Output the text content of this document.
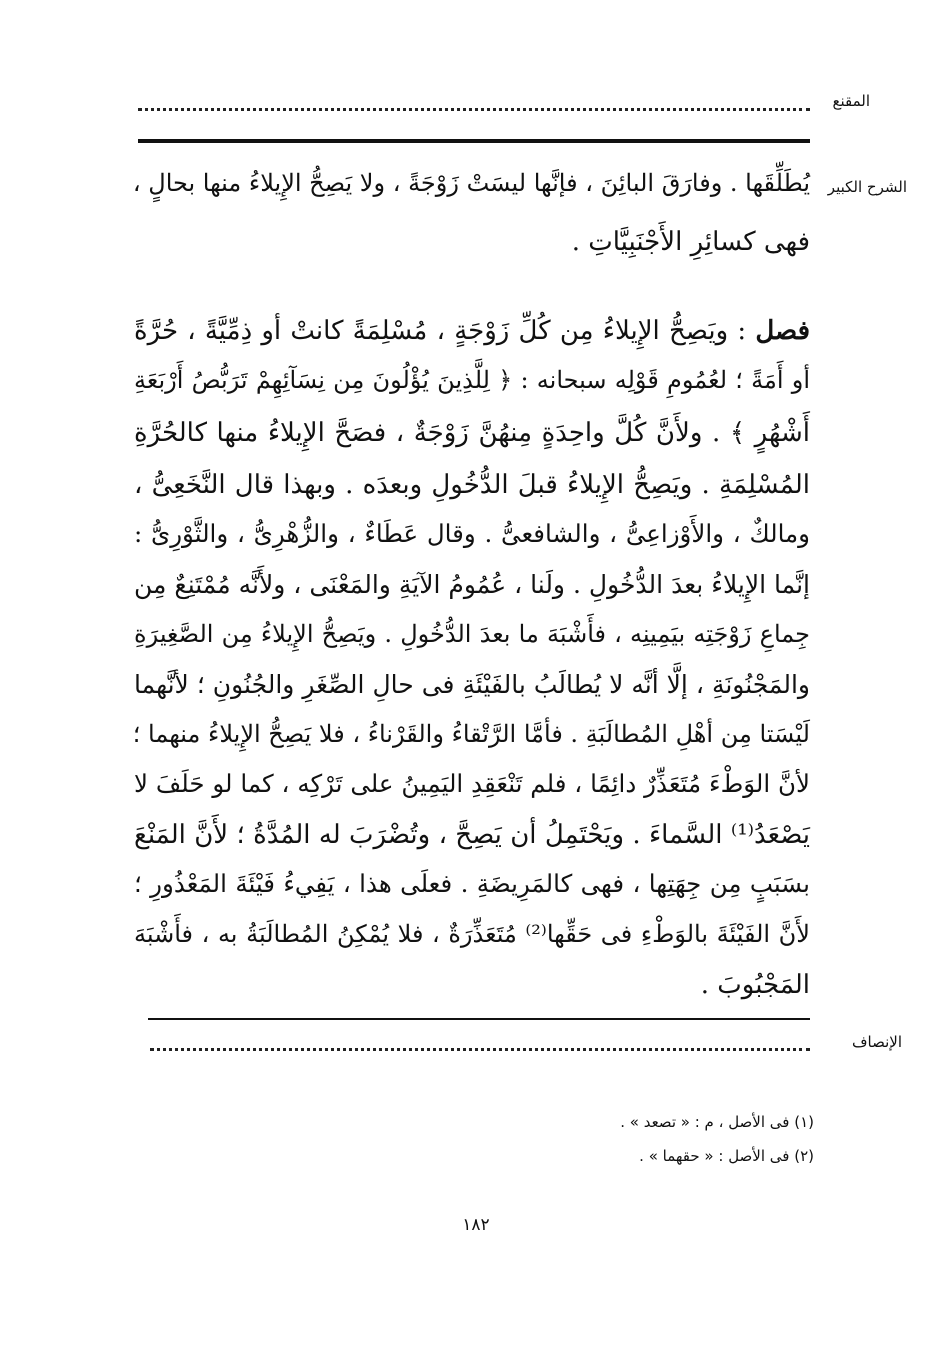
المقنع
الشرح الكبير
يُطَلِّقَها . وفارَقَ البائِنَ ، فإنَّها ليسَتْ زَوْجَةً ، ولا يَصِحُّ الإِيلاءُ منها بحالٍ ،
فهى كسائِرِ الأَجْنَبِيَّاتِ .
فصل : ويَصِحُّ الإِيلاءُ مِن كُلِّ زَوْجَةٍ ، مُسْلِمَةً كانتْ أو ذِمِّيَّةً ، حُرَّةً
أو أَمَةً ؛ لعُمُومِ قَوْلِه سبحانه : ﴿ لِلَّذِينَ يُؤْلُونَ مِن نِسَآئِهِمْ تَرَبُّصُ أَرْبَعَةِ
أَشْهُرٍ ﴾ . ولأَنَّ كُلَّ واحِدَةٍ مِنهُنَّ زَوْجَةٌ ، فصَحَّ الإِيلاءُ منها كالحُرَّةِ
المُسْلِمَةِ . ويَصِحُّ الإِيلاءُ قبلَ الدُّخُولِ وبعدَه . وبهذا قال النَّخَعِىُّ ،
ومالكٌ ، والأَوْزاعِىُّ ، والشافعىُّ . وقال عَطَاءٌ ، والزُّهْرِىُّ ، والثَّوْرِىُّ :
إنَّما الإِيلاءُ بعدَ الدُّخُولِ . ولَنا ، عُمُومُ الآيَةِ والمَعْنَى ، ولأَنَّه مُمْتَنِعٌ مِن
جِماعِ زَوْجَتِه بيَمِينِه ، فأَشْبَهَ ما بعدَ الدُّخُولِ . ويَصِحُّ الإِيلاءُ مِن الصَّغِيرَةِ
والمَجْنُونَةِ ، إلَّا أنَّه لا يُطالَبُ بالفَيْئَةِ فى حالِ الصِّغَرِ والجُنُونِ ؛ لأنَّهما
لَيْسَتا مِن أهْلِ المُطالَبَةِ . فأمَّا الرَّتْقاءُ والقَرْناءُ ، فلا يَصِحُّ الإِيلاءُ منهما ؛
لأنَّ الوَطْءَ مُتَعَذِّرٌ دائِمًا ، فلم تَنْعَقِدِ اليَمِينُ على تَرْكِه ، كما لو حَلَفَ لا
يَصْعَدُ⁽¹⁾ السَّماءَ . ويَحْتَمِلُ أن يَصِحَّ ، وتُضْرَبَ له المُدَّةُ ؛ لأَنَّ المَنْعَ
بسَبَبٍ مِن جِهَتِها ، فهى كالمَرِيضَةِ . فعلَى هذا ، يَفِيءُ فَيْئَةَ المَعْذُورِ ؛
لأَنَّ الفَيْئَةَ بالوَطْءِ فى حَقِّها⁽²⁾ مُتَعَذِّرَةٌ ، فلا يُمْكِنُ المُطالَبَةُ به ، فأَشْبَهَ
المَجْبُوبَ .
الإنصاف
(١) فى الأصل ، م : « تصعد » .
(٢) فى الأصل : « حقهما » .
١٨٢
